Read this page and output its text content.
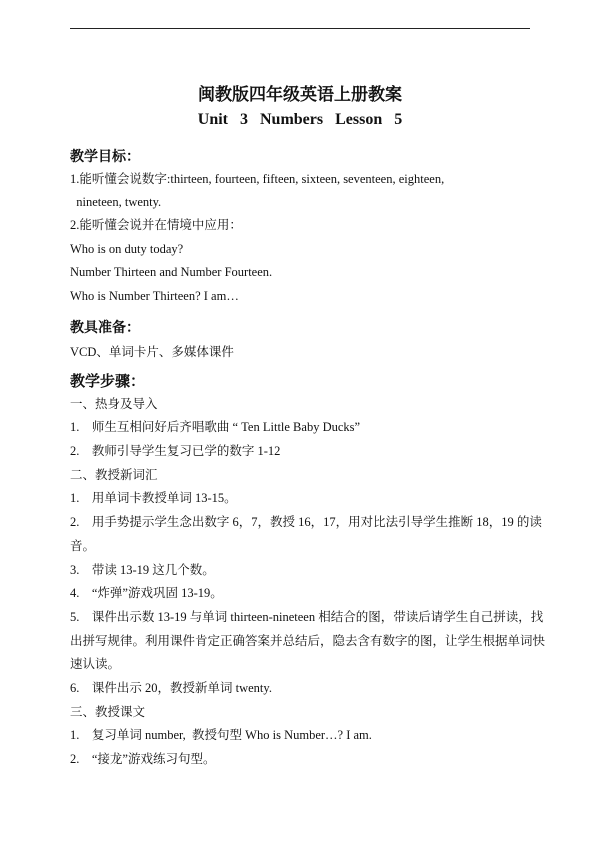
闽教版四年级英语上册教案
Unit 3 Numbers Lesson 5
教学目标：
1.能听懂会说数字:thirteen, fourteen, fifteen, sixteen, seventeen, eighteen,
nineteen, twenty.
2.能听懂会说并在情境中应用：
Who is on duty today?
Number Thirteen and Number Fourteen.
Who is Number Thirteen? I am…
教具准备：
VCD、单词卡片、多媒体课件
教学步骤：
一、热身及导入
1.    师生互相问好后齐唱歌曲 “ Ten Little Baby Ducks”
2.    教师引导学生复习已学的数字 1-12
二、教授新词汇
1.    用单词卡教授单词 13-15。
2.    用手势提示学生念出数字 6，7，教授 16，17，用对比法引导学生推断 18，19 的读
音。
3.    带读 13-19 这几个数。
4.    “炸弹”游戏巩固 13-19。
5.    课件出示数 13-19 与单词 thirteen-nineteen 相结合的图，带读后请学生自己拼读，找
出拼写规律。利用课件肯定正确答案并总结后，隐去含有数字的图，让学生根据单词快
速认读。
6.    课件出示 20，教授新单词 twenty.
三、教授课文
1.    复习单词 number,  教授句型 Who is Number…? I am.
2.    “接龙”游戏练习句型。
